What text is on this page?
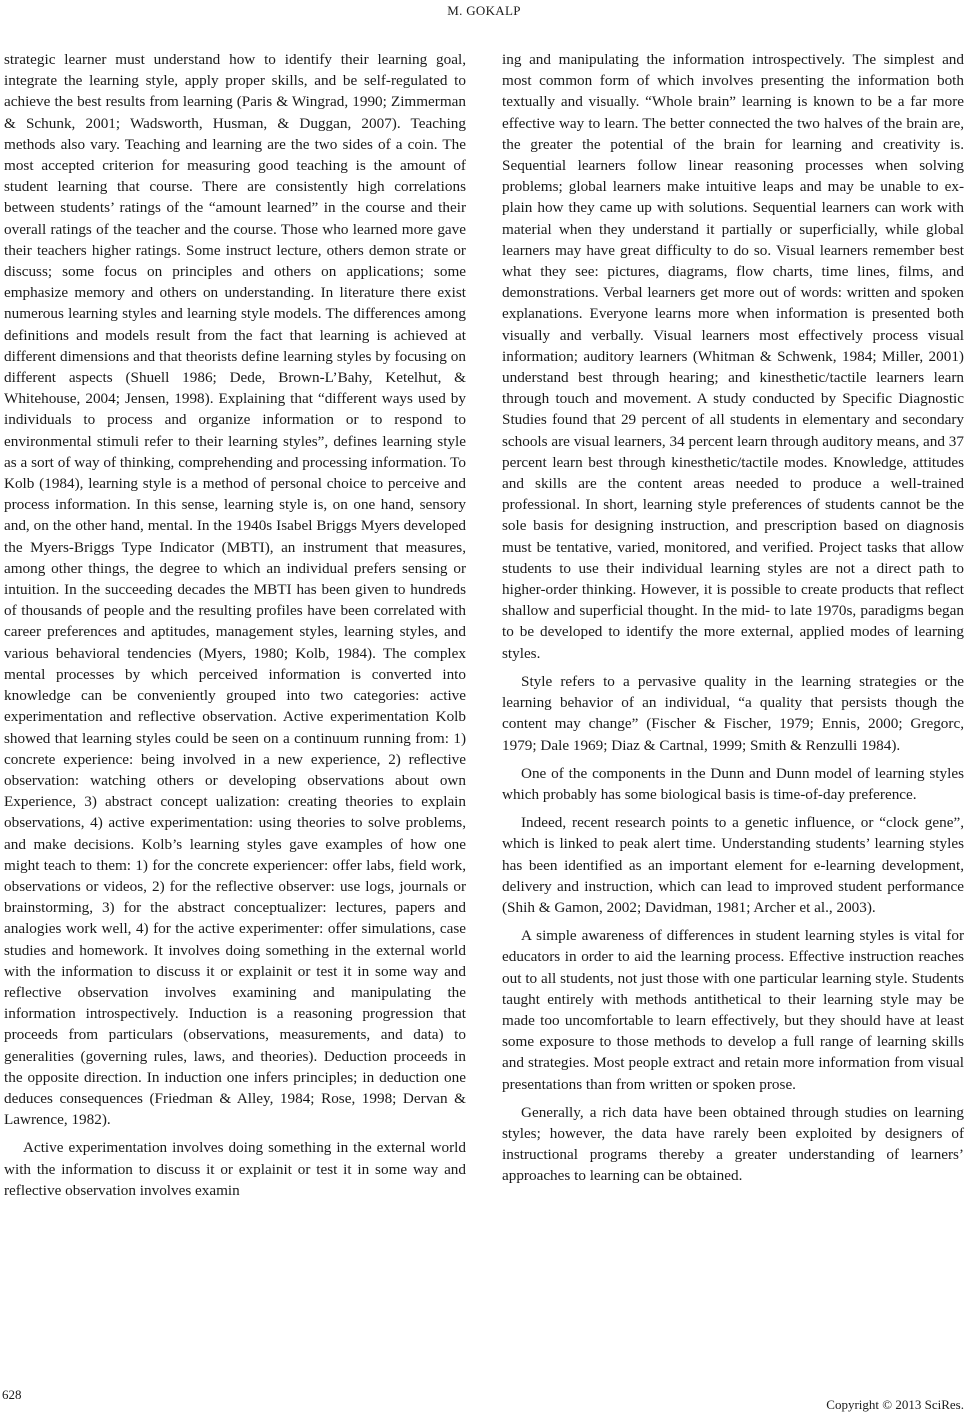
M. GOKALP

strategic learner must understand how to identify their learning goal, integrate the learning style, apply proper skills, and be self-regulated to achieve the best results from learning (Paris & Wingrad, 1990; Zimmerman & Schunk, 2001; Wadsworth, Husman, & Duggan, 2007). Teaching methods also vary. Teaching and learning are the two sides of a coin. The most accepted criterion for measuring good teaching is the amount of student learning that course. There are consistently high correlations between students’ ratings of the “amount learned” in the course and their overall ratings of the teacher and the course. Those who learned more gave their teachers higher ratings. Some instruct lecture, others demon strate or discuss; some focus on principles and others on applications; some emphasize memory and others on understanding. In literature there exist numerous learning styles and learning style models. The differences among definitions and models result from the fact that learning is achieved at different dimensions and that theorists define learning styles by focusing on different aspects (Shuell 1986; Dede, Brown-L’Bahy, Ketelhut, & Whitehouse, 2004; Jensen, 1998). Explaining that “different ways used by individuals to process and organize information or to respond to environmental stimuli refer to their learning styles”, defines learning style as a sort of way of thinking, comprehending and processing information. To Kolb (1984), learning style is a method of personal choice to perceive and process information. In this sense, learning style is, on one hand, sensory and, on the other hand, mental. In the 1940s Isabel Briggs Myers developed the Myers-Briggs Type Indicator (MBTI), an instrument that measures, among other things, the degree to which an individual prefers sensing or intuition. In the succeeding decades the MBTI has been given to hundreds of thousands of people and the resulting profiles have been correlated with career preferences and aptitudes, management styles, learning styles, and various behavioral tendencies (Myers, 1980; Kolb, 1984). The complex mental processes by which perceived information is converted into knowledge can be conveniently grouped into two categories: active experimentation and reflective observation. Active experimentation Kolb showed that learning styles could be seen on a continuum running from: 1) concrete experience: being involved in a new experience, 2) reflective observation: watching others or developing observations about own Experience, 3) abstract concept ualization: creating theories to explain observations, 4) active experimentation: using theories to solve problems, and make decisions. Kolb’s learning styles gave examples of how one might teach to them: 1) for the concrete experiencer: offer labs, field work, observations or videos, 2) for the reflective observer: use logs, journals or brainstorming, 3) for the abstract conceptualizer: lectures, papers and analogies work well, 4) for the active experimenter: offer simulations, case studies and homework. It involves doing something in the external world with the information to discuss it or explainit or test it in some way and reflective observation involves examining and manipulating the information introspectively. Induction is a reasoning progression that proceeds from particulars (observations, measurements, and data) to generalities (governing rules, laws, and theories). Deduction proceeds in the opposite direction. In induction one infers principles; in deduction one deduces consequences (Friedman & Alley, 1984; Rose, 1998; Dervan & Lawrence, 1982).

Active experimentation involves doing something in the external world with the information to discuss it or explainit or test it in some way and reflective observation involves examin

ing and manipulating the information introspectively. The simplest and most common form of which involves presenting the information both textually and visually. “Whole brain” learning is known to be a far more effective way to learn. The better connected the two halves of the brain are, the greater the potential of the brain for learning and creativity is. Sequential learners follow linear reasoning processes when solving problems; global learners make intuitive leaps and may be unable to explain how they came up with solutions. Sequential learners can work with material when they understand it partially or superficially, while global learners may have great difficulty to do so. Visual learners remember best what they see: pictures, diagrams, flow charts, time lines, films, and demonstrations. Verbal learners get more out of words: written and spoken explanations. Everyone learns more when information is presented both visually and verbally. Visual learners most effectively process visual information; auditory learners (Whitman & Schwenk, 1984; Miller, 2001) understand best through hearing; and kinesthetic/tactile learners learn through touch and movement. A study conducted by Specific Diagnostic Studies found that 29 percent of all students in elementary and secondary schools are visual learners, 34 percent learn through auditory means, and 37 percent learn best through kinesthetic/tactile modes. Knowledge, attitudes and skills are the content areas needed to produce a well-trained professional. In short, learning style preferences of students cannot be the sole basis for designing instruction, and prescription based on diagnosis must be tentative, varied, monitored, and verified. Project tasks that allow students to use their individual learning styles are not a direct path to higher-order thinking. However, it is possible to create products that reflect shallow and superficial thought. In the mid- to late 1970s, paradigms began to be developed to identify the more external, applied modes of learning styles.

Style refers to a pervasive quality in the learning strategies or the learning behavior of an individual, “a quality that persists though the content may change” (Fischer & Fischer, 1979; Ennis, 2000; Gregorc, 1979; Dale 1969; Diaz & Cartnal, 1999; Smith & Renzulli 1984).

One of the components in the Dunn and Dunn model of learning styles which probably has some biological basis is time-of-day preference.

Indeed, recent research points to a genetic influence, or “clock gene”, which is linked to peak alert time. Understanding students’ learning styles has been identified as an important element for e-learning development, delivery and instruction, which can lead to improved student performance (Shih & Gamon, 2002; Davidman, 1981; Archer et al., 2003).

A simple awareness of differences in student learning styles is vital for educators in order to aid the learning process. Effective instruction reaches out to all students, not just those with one particular learning style. Students taught entirely with methods antithetical to their learning style may be made too uncomfortable to learn effectively, but they should have at least some exposure to those methods to develop a full range of learning skills and strategies. Most people extract and retain more information from visual presentations than from written or spoken prose.

Generally, a rich data have been obtained through studies on learning styles; however, the data have rarely been exploited by designers of instructional programs thereby a greater understanding of learners’ approaches to learning can be obtained.

628
Copyright © 2013 SciRes.
